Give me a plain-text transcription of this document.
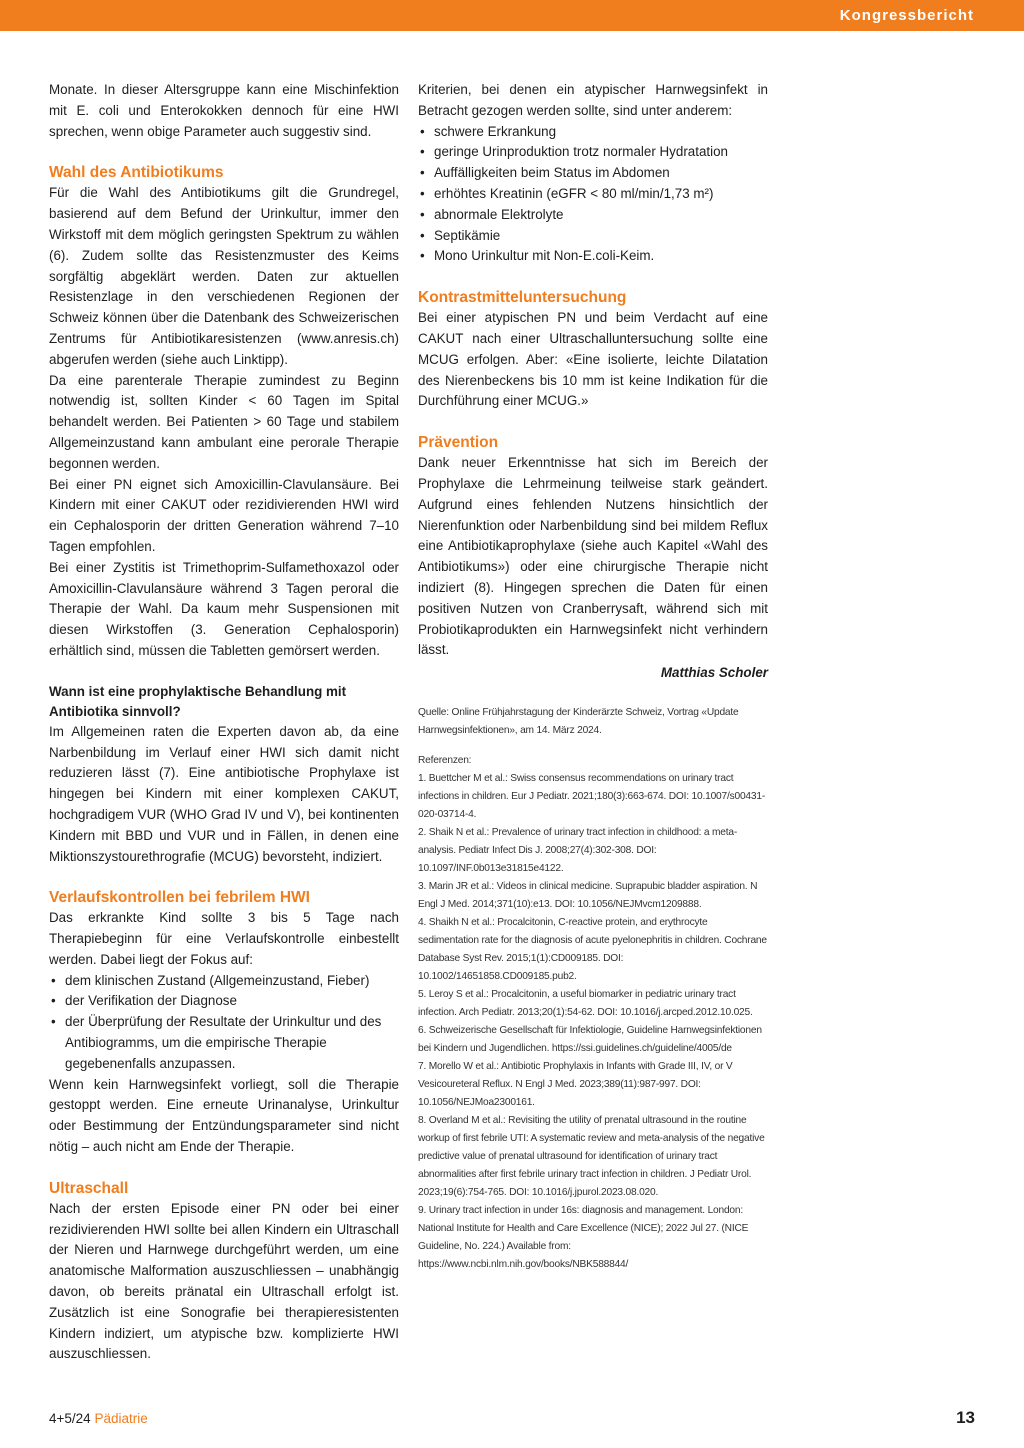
Kongressbericht

Monate. In dieser Altersgruppe kann eine Mischinfektion mit E. coli und Enterokokken dennoch für eine HWI sprechen, wenn obige Parameter auch suggestiv sind.

Wahl des Antibiotikums

Für die Wahl des Antibiotikums gilt die Grundregel, basierend auf dem Befund der Urinkultur, immer den Wirkstoff mit dem möglich geringsten Spektrum zu wählen (6). Zudem sollte das Resistenzmuster des Keims sorgfältig abgeklärt werden. Daten zur aktuellen Resistenzlage in den verschiedenen Regionen der Schweiz können über die Datenbank des Schweizerischen Zentrums für Antibiotikaresistenzen (www.anresis.ch) abgerufen werden (siehe auch Linktipp).

Da eine parenterale Therapie zumindest zu Beginn notwendig ist, sollten Kinder < 60 Tagen im Spital behandelt werden. Bei Patienten > 60 Tage und stabilem Allgemeinzustand kann ambulant eine perorale Therapie begonnen werden.

Bei einer PN eignet sich Amoxicillin-Clavulansäure. Bei Kindern mit einer CAKUT oder rezidivierenden HWI wird ein Cephalosporin der dritten Generation während 7–10 Tagen empfohlen.

Bei einer Zystitis ist Trimethoprim-Sulfamethoxazol oder Amoxicillin-Clavulansäure während 3 Tagen peroral die Therapie der Wahl. Da kaum mehr Suspensionen mit diesen Wirkstoffen (3. Generation Cephalosporin) erhältlich sind, müssen die Tabletten gemörsert werden.

Wann ist eine prophylaktische Behandlung mit Antibiotika sinnvoll?

Im Allgemeinen raten die Experten davon ab, da eine Narbenbildung im Verlauf einer HWI sich damit nicht reduzieren lässt (7). Eine antibiotische Prophylaxe ist hingegen bei Kindern mit einer komplexen CAKUT, hochgradigem VUR (WHO Grad IV und V), bei kontinenten Kindern mit BBD und VUR und in Fällen, in denen eine Miktionszystourethrografie (MCUG) bevorsteht, indiziert.

Verlaufskontrollen bei febrilem HWI

Das erkrankte Kind sollte 3 bis 5 Tage nach Therapiebeginn für eine Verlaufskontrolle einbestellt werden. Dabei liegt der Fokus auf:

• dem klinischen Zustand (Allgemeinzustand, Fieber)
• der Verifikation der Diagnose
• der Überprüfung der Resultate der Urinkultur und des Antibiogramms, um die empirische Therapie gegebenenfalls anzupassen.

Wenn kein Harnwegsinfekt vorliegt, soll die Therapie gestoppt werden. Eine erneute Urinanalyse, Urinkultur oder Bestimmung der Entzündungsparameter sind nicht nötig – auch nicht am Ende der Therapie.

Ultraschall

Nach der ersten Episode einer PN oder bei einer rezidivierenden HWI sollte bei allen Kindern ein Ultraschall der Nieren und Harnwege durchgeführt werden, um eine anatomische Malformation auszuschliessen – unabhängig davon, ob bereits pränatal ein Ultraschall erfolgt ist. Zusätzlich ist eine Sonografie bei therapieresistenten Kindern indiziert, um atypische bzw. komplizierte HWI auszuschliessen.

Kriterien, bei denen ein atypischer Harnwegsinfekt in Betracht gezogen werden sollte, sind unter anderem:

• schwere Erkrankung
• geringe Urinproduktion trotz normaler Hydratation
• Auffälligkeiten beim Status im Abdomen
• erhöhtes Kreatinin (eGFR < 80 ml/min/1,73 m²)
• abnormale Elektrolyte
• Septikämie
• Mono Urinkultur mit Non-E.coli-Keim.
Kontrastmitteluntersuchung

Bei einer atypischen PN und beim Verdacht auf eine CAKUT nach einer Ultraschalluntersuchung sollte eine MCUG erfolgen. Aber: «Eine isolierte, leichte Dilatation des Nierenbeckens bis 10 mm ist keine Indikation für die Durchführung einer MCUG.»

Prävention

Dank neuer Erkenntnisse hat sich im Bereich der Prophylaxe die Lehrmeinung teilweise stark geändert. Aufgrund eines fehlenden Nutzens hinsichtlich der Nierenfunktion oder Narbenbildung sind bei mildem Reflux eine Antibiotikaprophylaxe (siehe auch Kapitel «Wahl des Antibiotikums») oder eine chirurgische Therapie nicht indiziert (8). Hingegen sprechen die Daten für einen positiven Nutzen von Cranberrysaft, während sich mit Probiotikaprodukten ein Harnwegsinfekt nicht verhindern lässt.

Matthias Scholer

Quelle: Online Frühjahrstagung der Kinderärzte Schweiz, Vortrag «Update Harnwegsinfektionen», am 14. März 2024.

Referenzen:

1. Buettcher M et al.: Swiss consensus recommendations on urinary tract infections in children. Eur J Pediatr. 2021;180(3):663-674. DOI: 10.1007/s00431-020-03714-4.

2. Shaik N et al.: Prevalence of urinary tract infection in childhood: a meta-analysis. Pediatr Infect Dis J. 2008;27(4):302-308. DOI: 10.1097/INF.0b013e31815e4122.

3. Marin JR et al.: Videos in clinical medicine. Suprapubic bladder aspiration. N Engl J Med. 2014;371(10):e13. DOI: 10.1056/NEJMvcm1209888.

4. Shaikh N et al.: Procalcitonin, C-reactive protein, and erythrocyte sedimentation rate for the diagnosis of acute pyelonephritis in children. Cochrane Database Syst Rev. 2015;1(1):CD009185. DOI: 10.1002/14651858.CD009185.pub2.

5. Leroy S et al.: Procalcitonin, a useful biomarker in pediatric urinary tract infection. Arch Pediatr. 2013;20(1):54-62. DOI: 10.1016/j.arcped.2012.10.025.

6. Schweizerische Gesellschaft für Infektiologie, Guideline Harnwegsinfektionen bei Kindern und Jugendlichen. https://ssi.guidelines.ch/guideline/4005/de

7. Morello W et al.: Antibiotic Prophylaxis in Infants with Grade III, IV, or V Vesicoureteral Reflux. N Engl J Med. 2023;389(11):987-997. DOI: 10.1056/NEJMoa2300161.

8. Overland M et al.: Revisiting the utility of prenatal ultrasound in the routine workup of first febrile UTI: A systematic review and meta-analysis of the negative predictive value of prenatal ultrasound for identification of urinary tract abnormalities after first febrile urinary tract infection in children. J Pediatr Urol. 2023;19(6):754-765. DOI: 10.1016/j.jpurol.2023.08.020.

9. Urinary tract infection in under 16s: diagnosis and management. London: National Institute for Health and Care Excellence (NICE); 2022 Jul 27. (NICE Guideline, No. 224.) Available from: https://www.ncbi.nlm.nih.gov/books/NBK588844/

4+5/24 Pädiatrie	13
